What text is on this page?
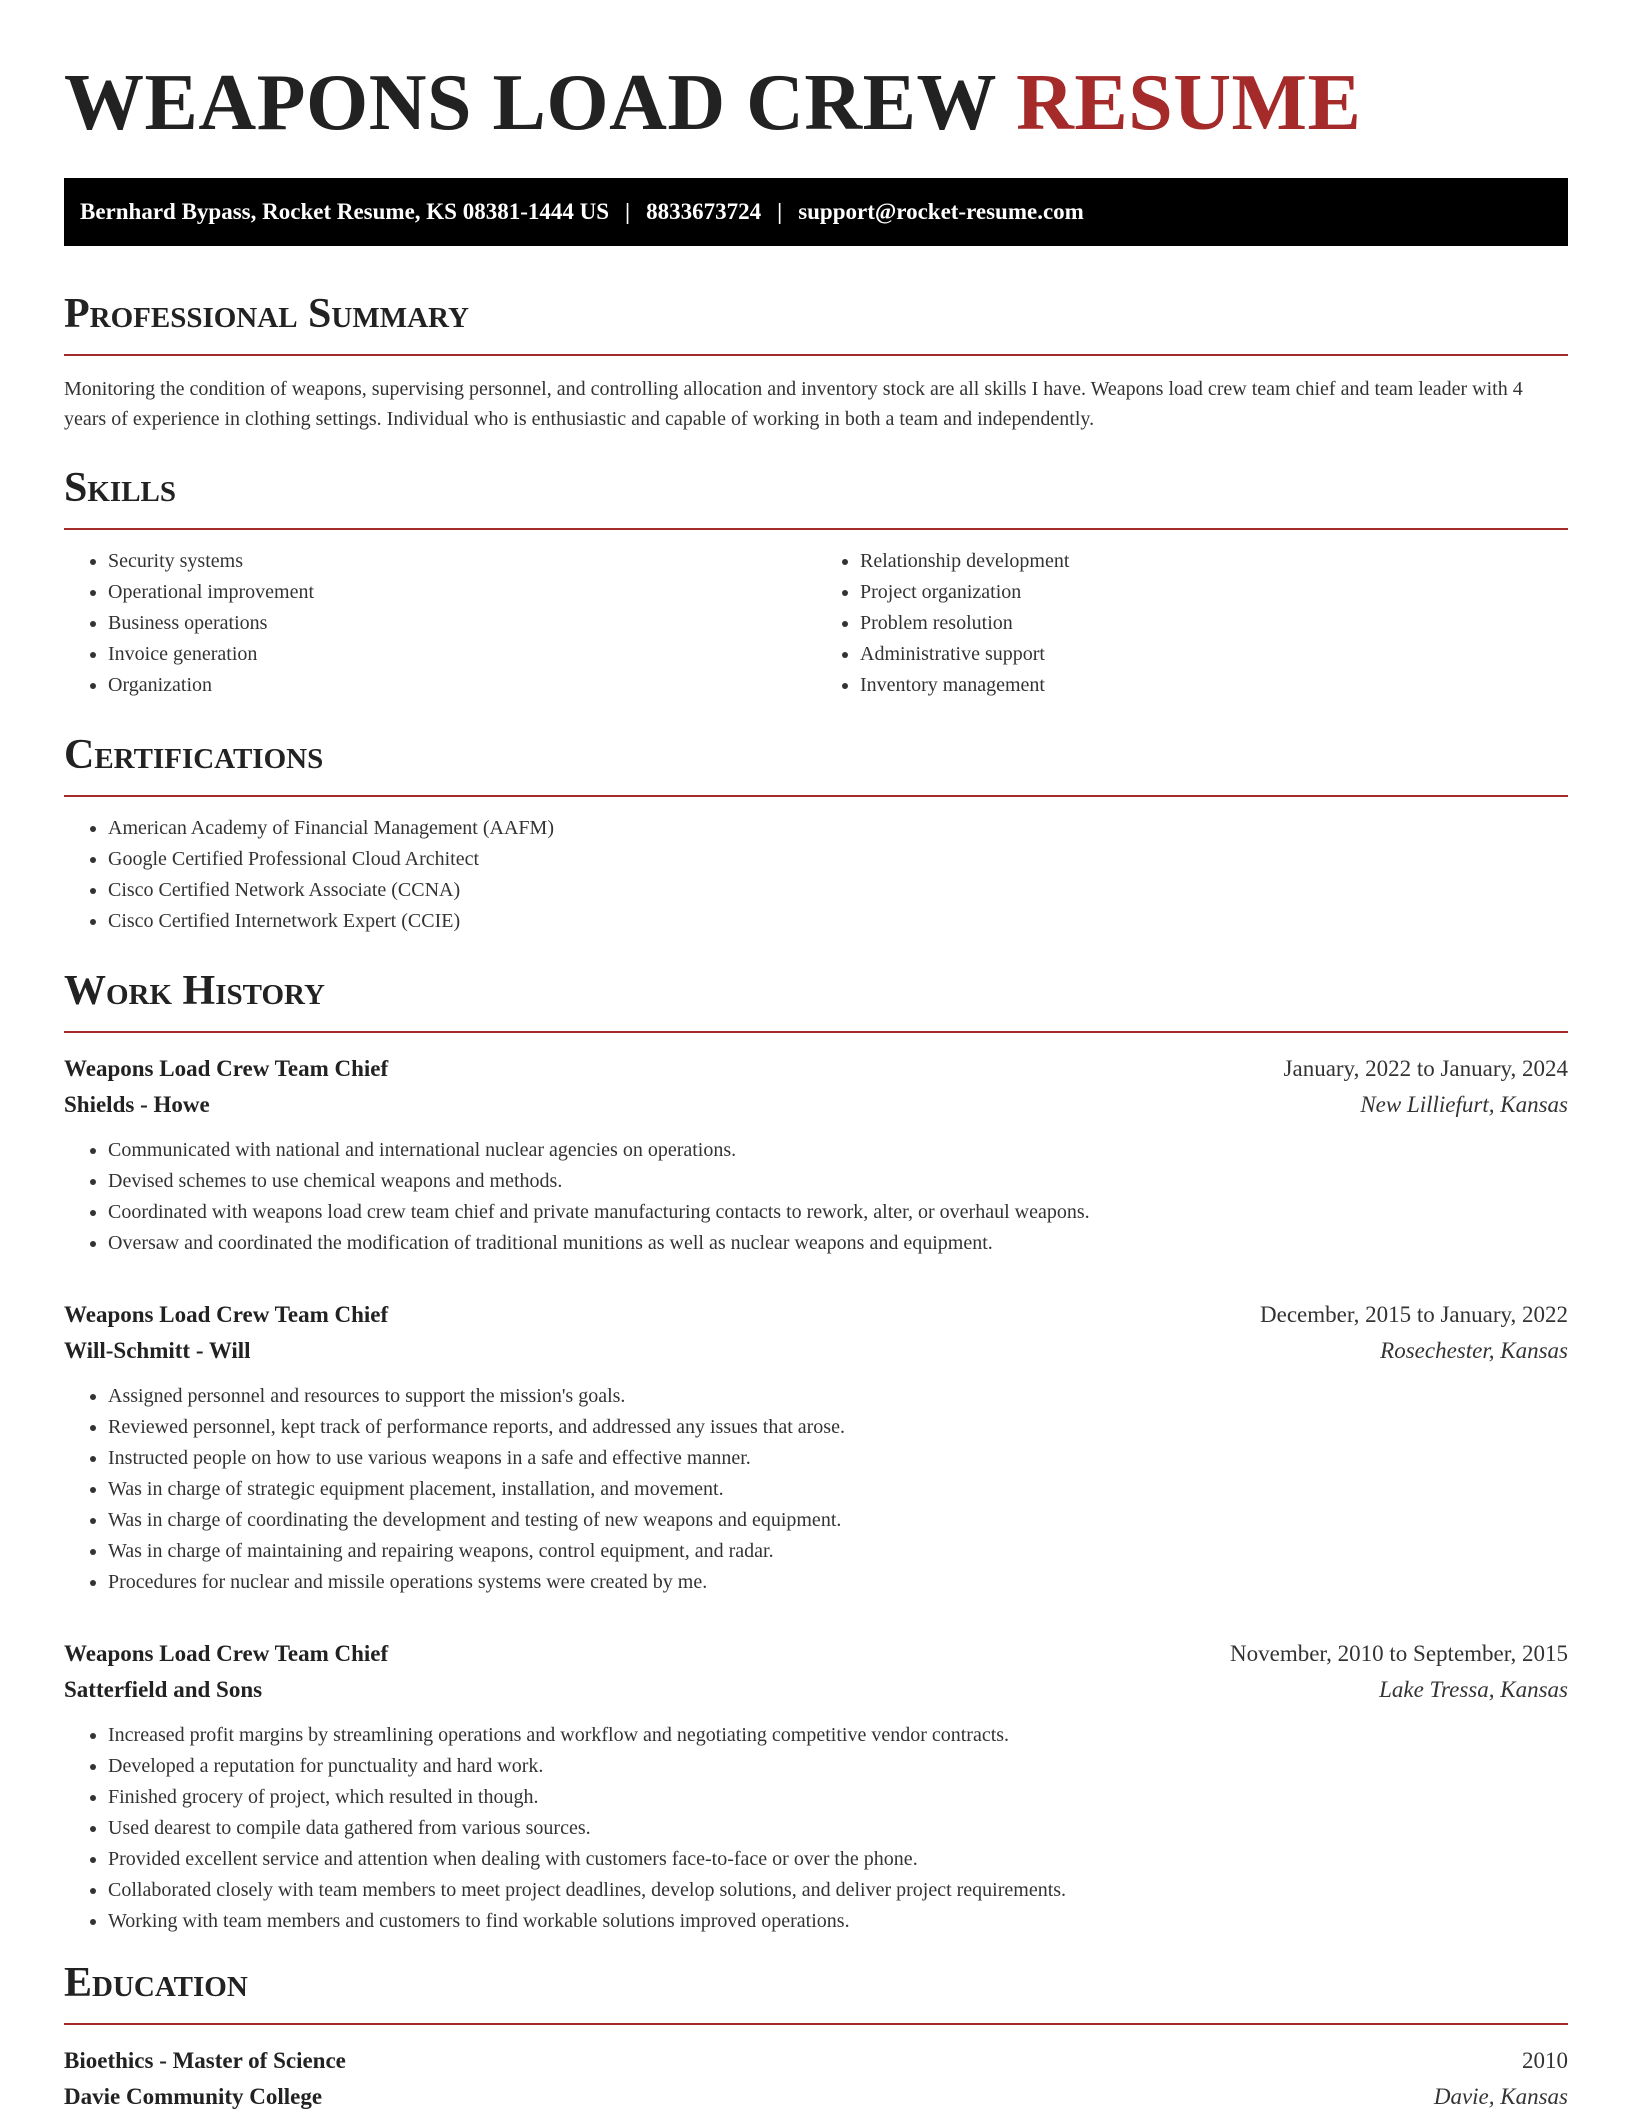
WEAPONS LOAD CREW RESUME
Bernhard Bypass, Rocket Resume, KS 08381-1444 US | 8833673724 | support@rocket-resume.com
Professional Summary
Monitoring the condition of weapons, supervising personnel, and controlling allocation and inventory stock are all skills I have. Weapons load crew team chief and team leader with 4 years of experience in clothing settings. Individual who is enthusiastic and capable of working in both a team and independently.
Skills
• Security systems
• Operational improvement
• Business operations
• Invoice generation
• Organization
• Relationship development
• Project organization
• Problem resolution
• Administrative support
• Inventory management
Certifications
• American Academy of Financial Management (AAFM)
• Google Certified Professional Cloud Architect
• Cisco Certified Network Associate (CCNA)
• Cisco Certified Internetwork Expert (CCIE)
Work History
Weapons Load Crew Team Chief	January, 2022 to January, 2024
Shields - Howe	New Lilliefurt, Kansas
• Communicated with national and international nuclear agencies on operations.
• Devised schemes to use chemical weapons and methods.
• Coordinated with weapons load crew team chief and private manufacturing contacts to rework, alter, or overhaul weapons.
• Oversaw and coordinated the modification of traditional munitions as well as nuclear weapons and equipment.
Weapons Load Crew Team Chief	December, 2015 to January, 2022
Will-Schmitt - Will	Rosechester, Kansas
• Assigned personnel and resources to support the mission's goals.
• Reviewed personnel, kept track of performance reports, and addressed any issues that arose.
• Instructed people on how to use various weapons in a safe and effective manner.
• Was in charge of strategic equipment placement, installation, and movement.
• Was in charge of coordinating the development and testing of new weapons and equipment.
• Was in charge of maintaining and repairing weapons, control equipment, and radar.
• Procedures for nuclear and missile operations systems were created by me.
Weapons Load Crew Team Chief	November, 2010 to September, 2015
Satterfield and Sons	Lake Tressa, Kansas
• Increased profit margins by streamlining operations and workflow and negotiating competitive vendor contracts.
• Developed a reputation for punctuality and hard work.
• Finished grocery of project, which resulted in though.
• Used dearest to compile data gathered from various sources.
• Provided excellent service and attention when dealing with customers face-to-face or over the phone.
• Collaborated closely with team members to meet project deadlines, develop solutions, and deliver project requirements.
• Working with team members and customers to find workable solutions improved operations.
Education
Bioethics - Master of Science	2010
Davie Community College	Davie, Kansas
